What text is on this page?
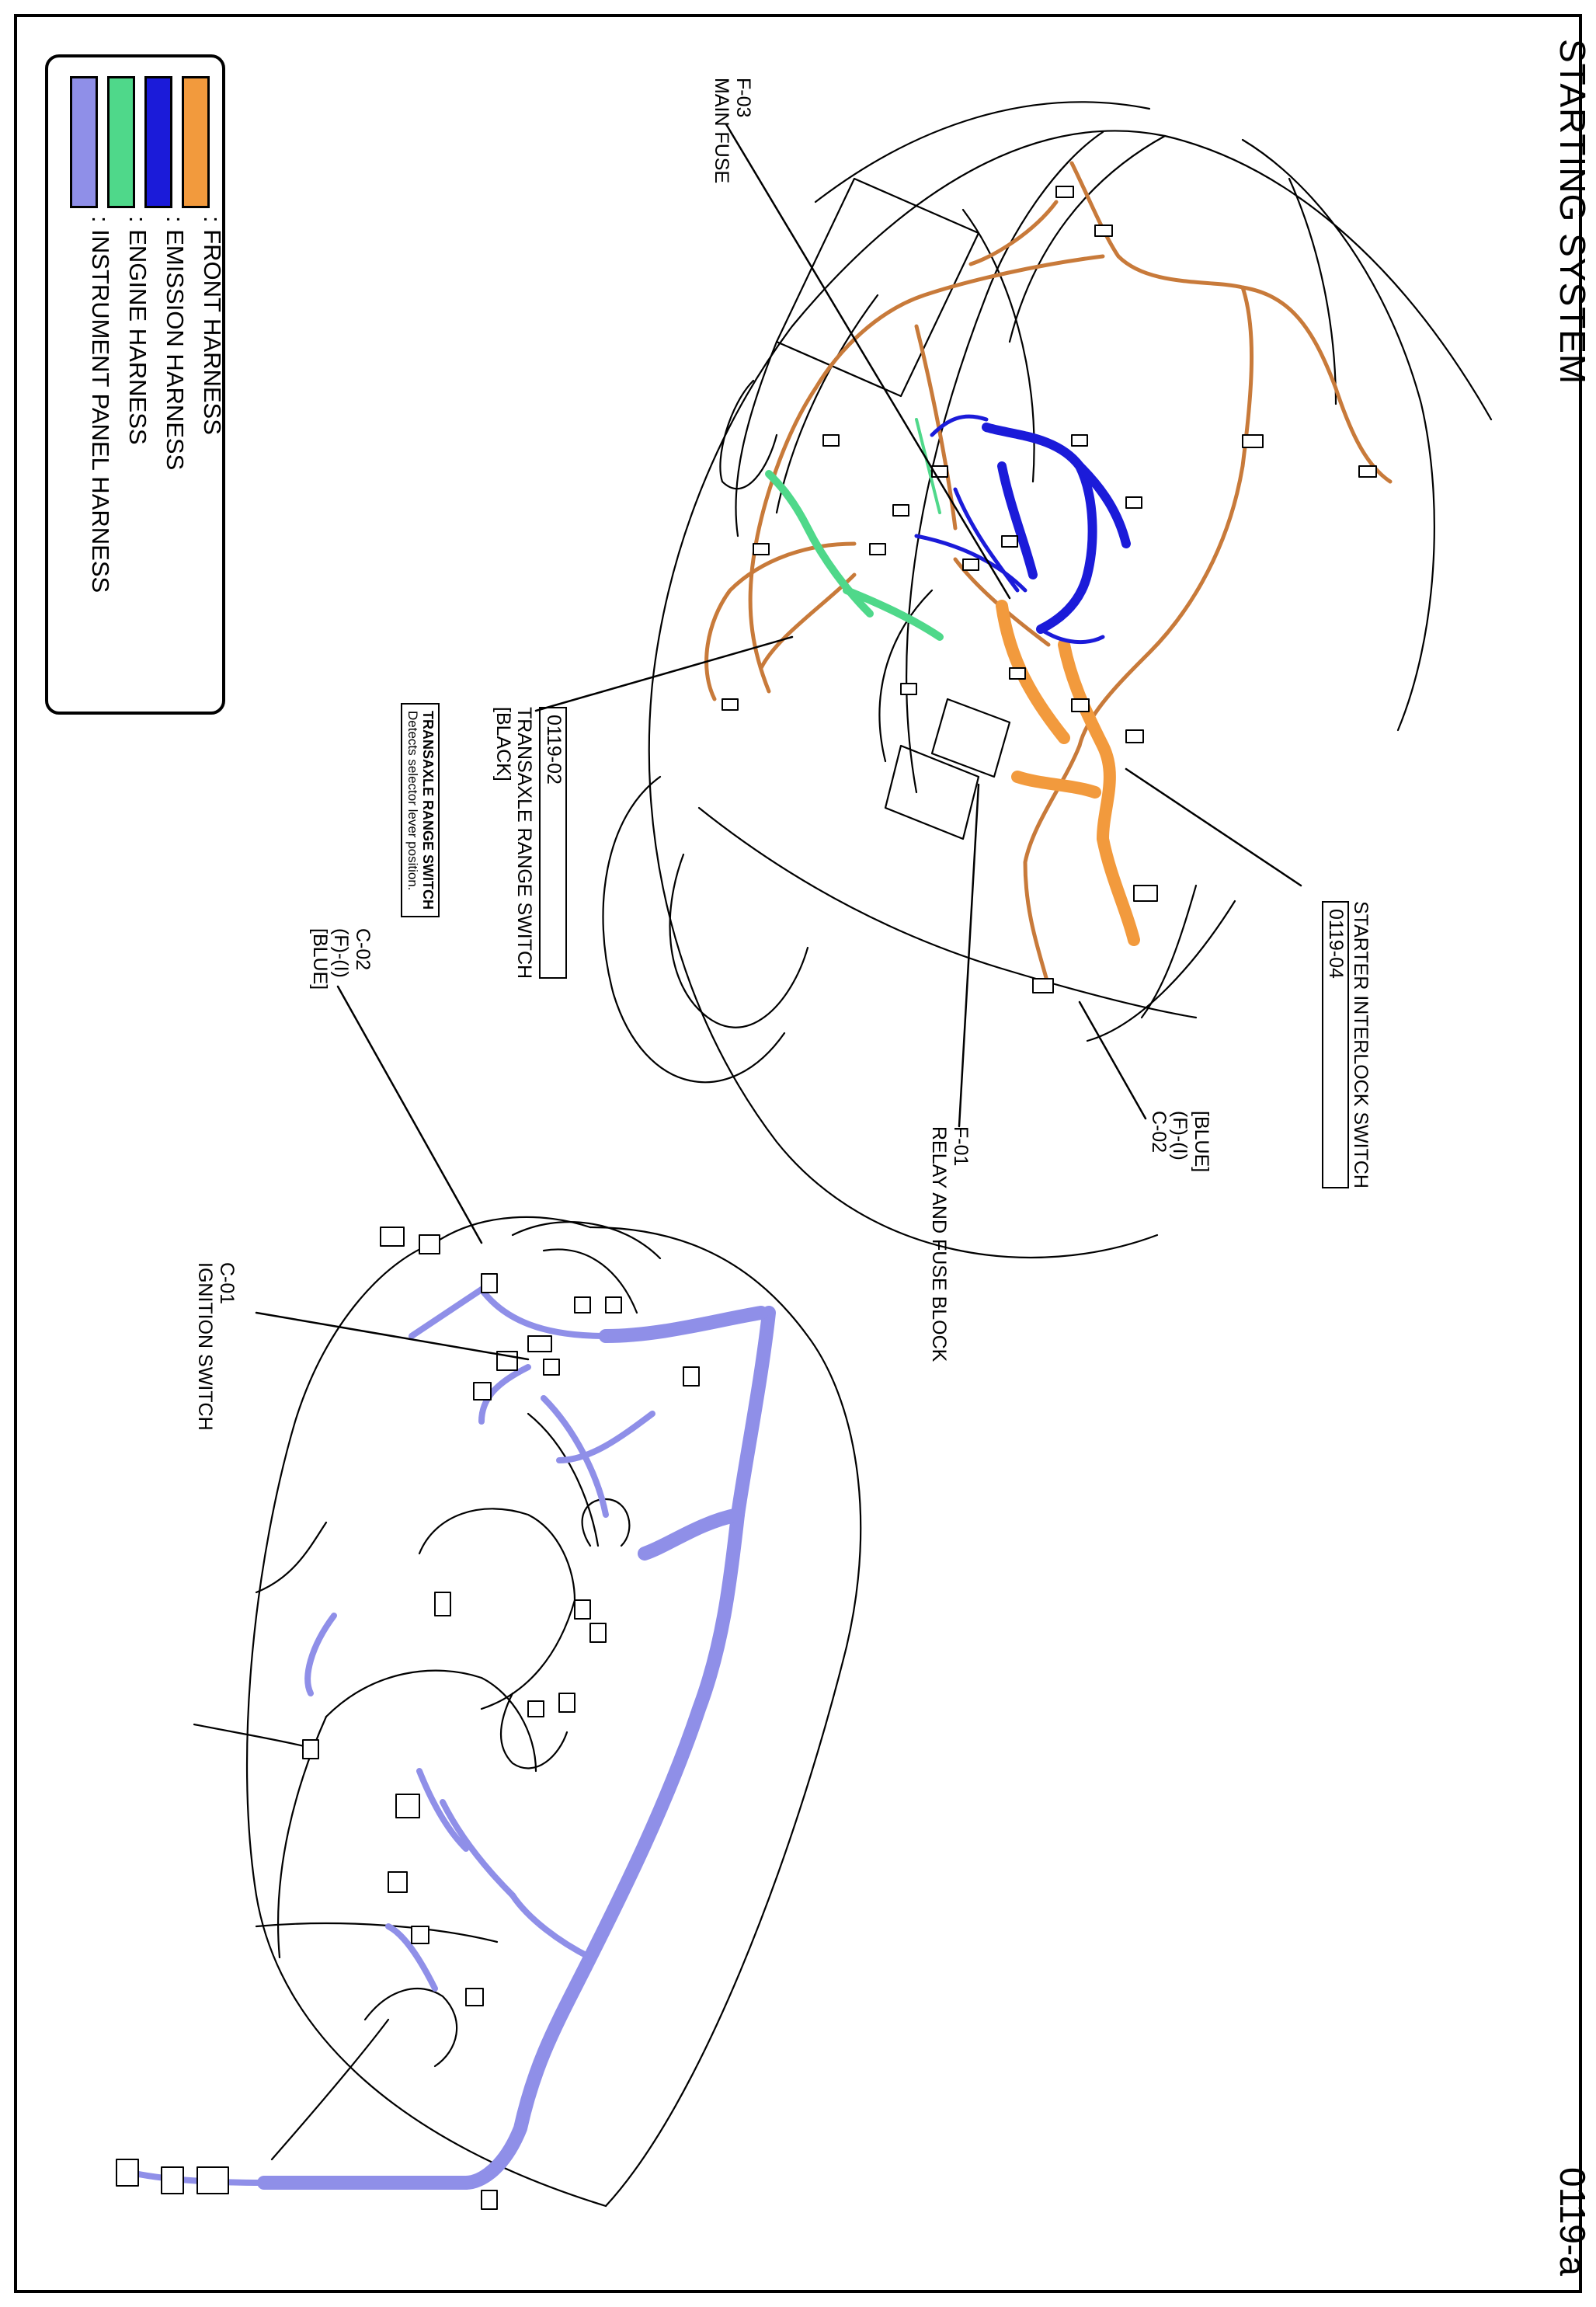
STARTING SYSTEM
0119-a
: FRONT HARNESS
: EMISSION HARNESS
: ENGINE HARNESS
: INSTRUMENT PANEL HARNESS
F-03
MAIN FUSE
STARTER INTERLOCK SWITCH
0119-04
[BLUE]
(F)-(I)
C-02
F-01
RELAY AND FUSE BLOCK
0119-02
TRANSAXLE RANGE SWITCH
[BLACK]
TRANSAXLE RANGE SWITCH
Detects selector lever position.
C-02
(F)-(I)
[BLUE]
C-01
IGNITION SWITCH
